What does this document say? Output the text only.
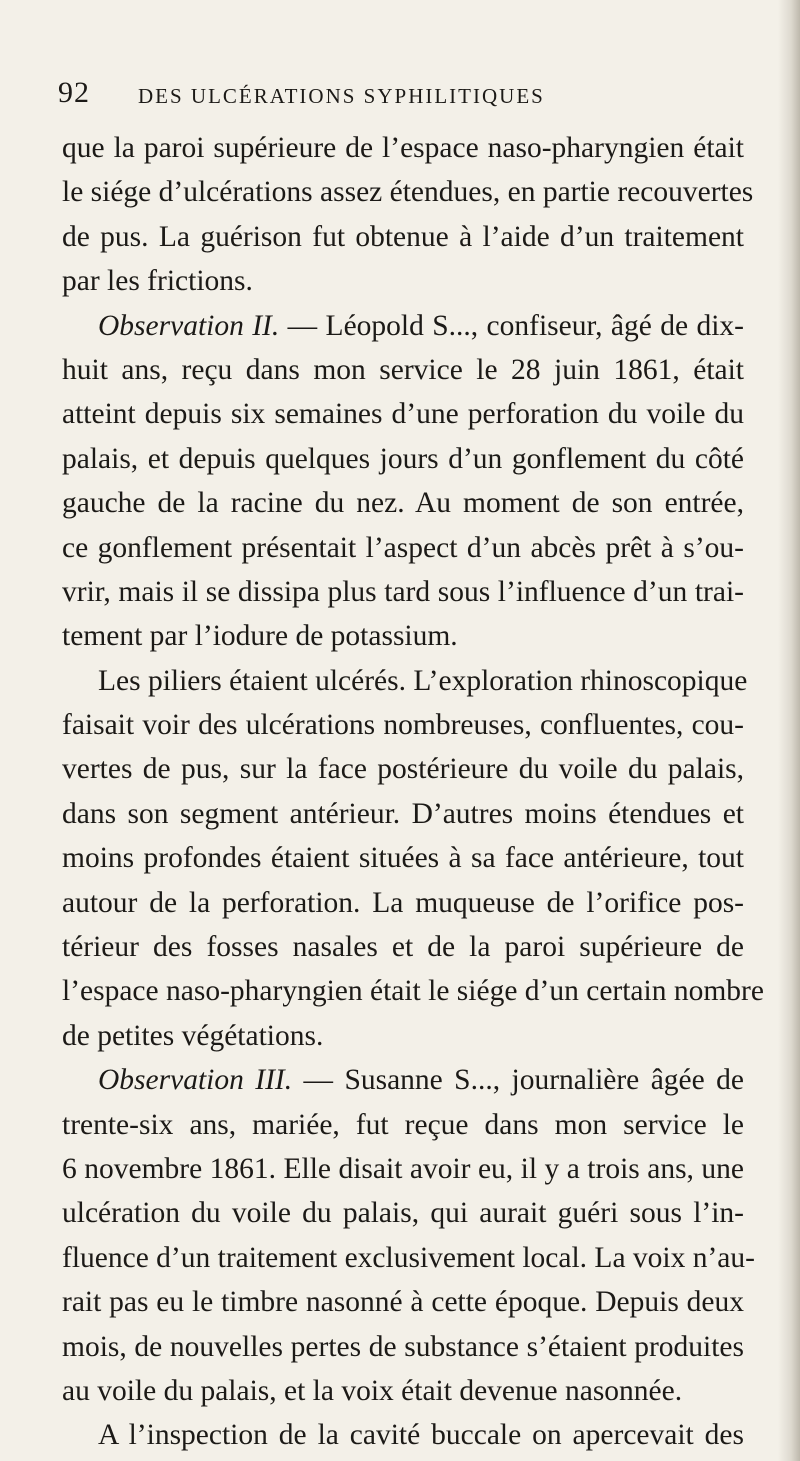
92 DES ULCÉRATIONS SYPHILITIQUES
que la paroi supérieure de l’espace naso-pharyngien était
le siége d’ulcérations assez étendues, en partie recouvertes
de pus. La guérison fut obtenue à l’aide d’un traitement
par les frictions.
Observation II. — Léopold S..., confiseur, âgé de dix-
huit ans, reçu dans mon service le 28 juin 1861, était
atteint depuis six semaines d’une perforation du voile du
palais, et depuis quelques jours d’un gonflement du côté
gauche de la racine du nez. Au moment de son entrée,
ce gonflement présentait l’aspect d’un abcès prêt à s’ou-
vrir, mais il se dissipa plus tard sous l’influence d’un trai-
tement par l’iodure de potassium.
Les piliers étaient ulcérés. L’exploration rhinoscopique
faisait voir des ulcérations nombreuses, confluentes, cou-
vertes de pus, sur la face postérieure du voile du palais,
dans son segment antérieur. D’autres moins étendues et
moins profondes étaient situées à sa face antérieure, tout
autour de la perforation. La muqueuse de l’orifice pos-
térieur des fosses nasales et de la paroi supérieure de
l’espace naso-pharyngien était le siége d’un certain nombre
de petites végétations.
Observation III. — Susanne S..., journalière âgée de
trente-six ans, mariée, fut reçue dans mon service le
6 novembre 1861. Elle disait avoir eu, il y a trois ans, une
ulcération du voile du palais, qui aurait guéri sous l’in-
fluence d’un traitement exclusivement local. La voix n’au-
rait pas eu le timbre nasonné à cette époque. Depuis deux
mois, de nouvelles pertes de substance s’étaient produites
au voile du palais, et la voix était devenue nasonnée.
A l’inspection de la cavité buccale on apercevait des
